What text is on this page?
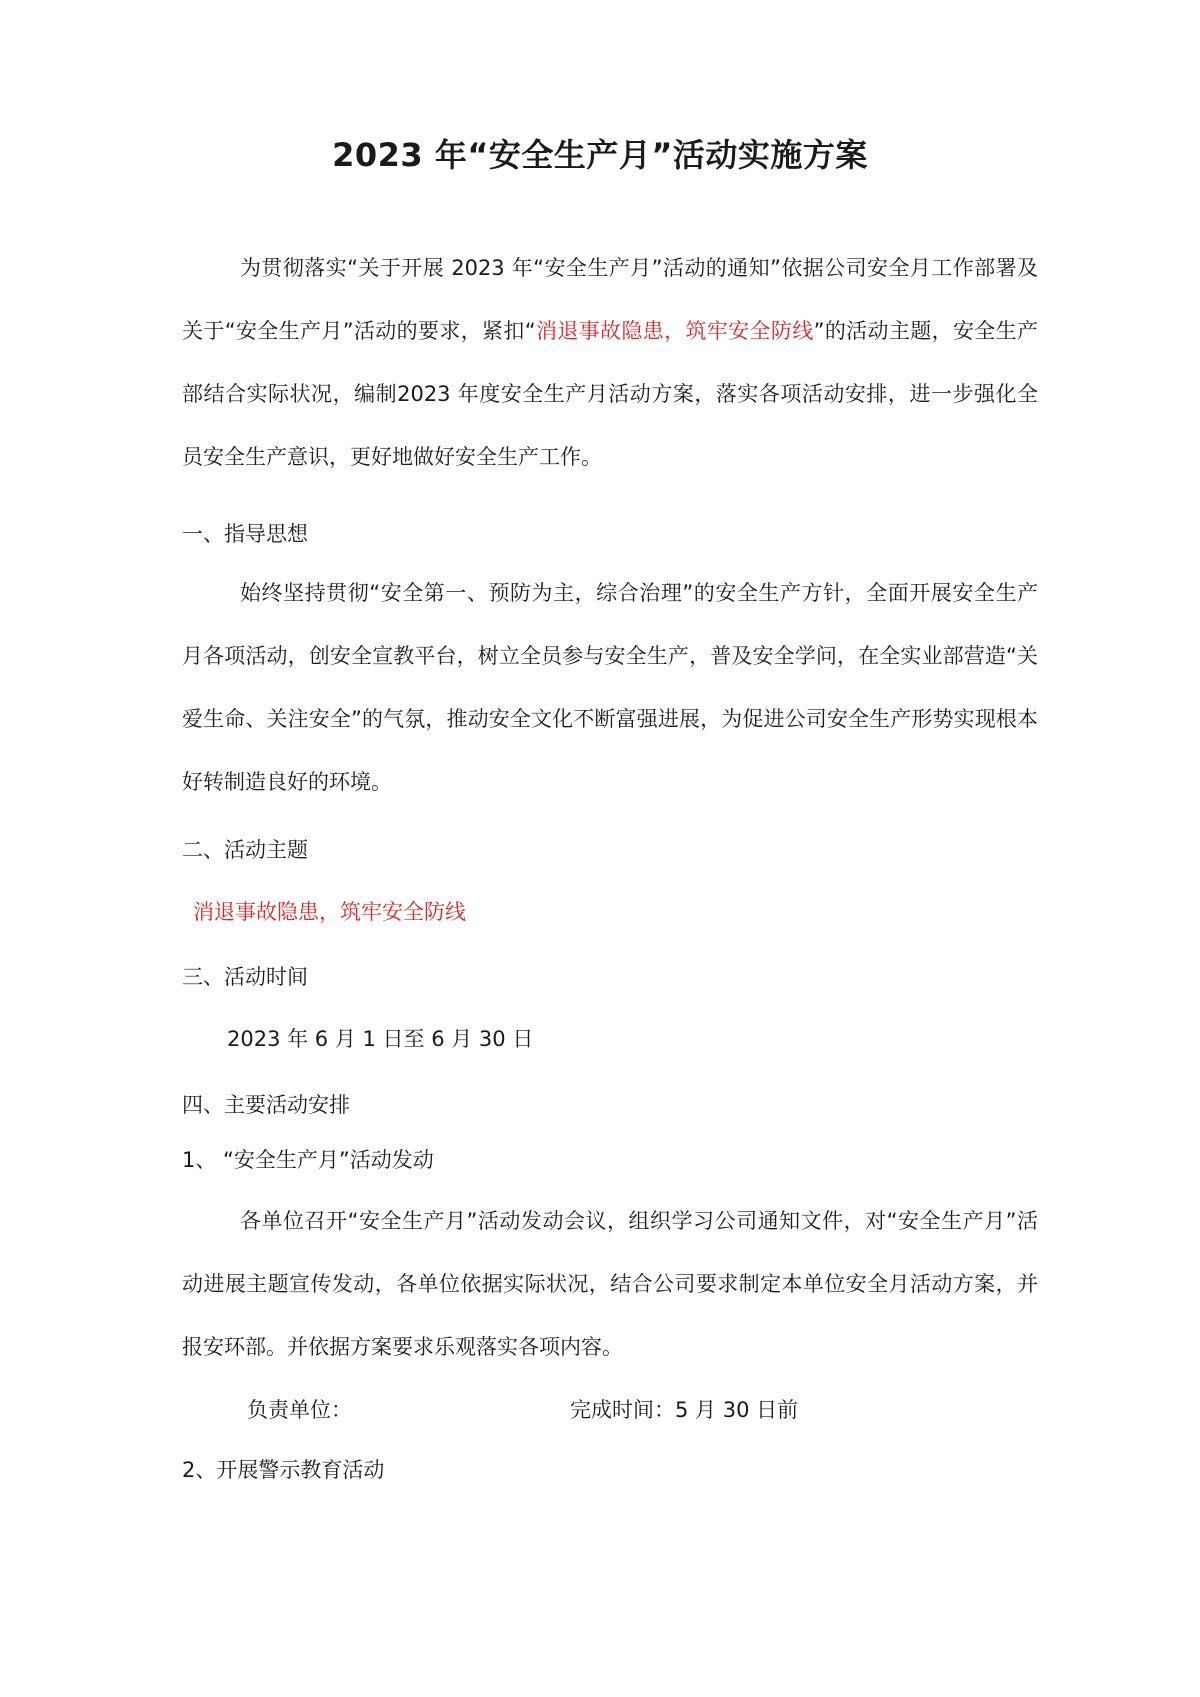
2023 年“安全生产月”活动实施方案
为贯彻落实“关于开展 2023 年“安全生产月”活动的通知”依据公司安全月工作部署及关于“安全生产月”活动的要求，紧扣“消退事故隐患，筑牢安全防线”的活动主题，安全生产部结合实际状况，编制2023 年度安全生产月活动方案，落实各项活动安排，进一步强化全员安全生产意识，更好地做好安全生产工作。
一、指导思想
始终坚持贯彻“安全第一、预防为主，综合治理”的安全生产方针，全面开展安全生产月各项活动，创安全宣教平台，树立全员参与安全生产，普及安全学问，在全实业部营造“关爱生命、关注安全”的气氛，推动安全文化不断富强进展，为促进公司安全生产形势实现根本好转制造良好的环境。
二、活动主题
消退事故隐患，筑牢安全防线
三、活动时间
2023 年 6 月 1 日至 6 月 30 日
四、主要活动安排
1、 “安全生产月”活动发动
各单位召开“安全生产月”活动发动会议，组织学习公司通知文件，对“安全生产月”活动进展主题宣传发动，各单位依据实际状况，结合公司要求制定本单位安全月活动方案，并报安环部。并依据方案要求乐观落实各项内容。
负责单位：	完成时间：5 月 30 日前
2、开展警示教育活动
